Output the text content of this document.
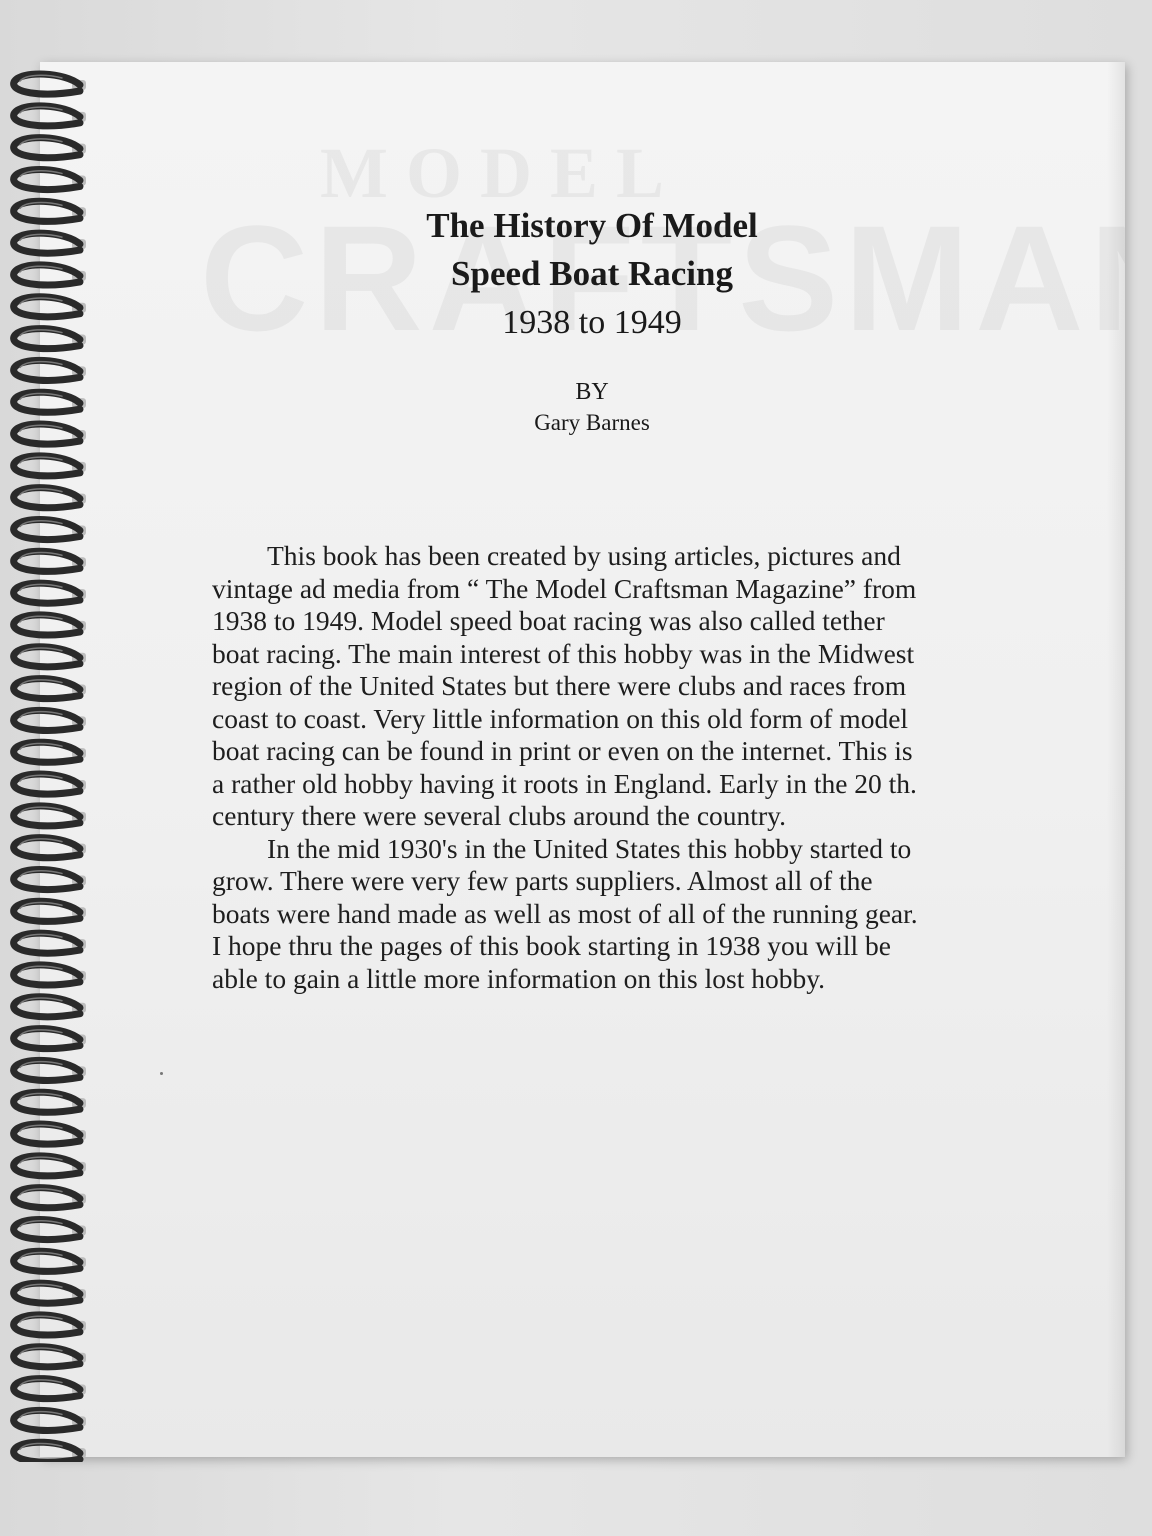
The History Of Model
Speed Boat Racing
1938 to 1949
BY
Gary Barnes
  This book has been created by using articles, pictures and
vintage ad media from “ The Model Craftsman Magazine” from
1938 to 1949. Model speed boat racing was also called tether
boat racing. The main interest of this hobby was in the Midwest
region of the United States but there were clubs and races from
coast to coast. Very little information on this old form of model
boat racing can be found in print or even on the internet. This is
a rather old hobby having it roots in England. Early in the 20 th.
century there were several clubs around the country.
  In the mid 1930's in the United States this hobby started to
grow. There were very few parts suppliers. Almost all of the
boats were hand made as well as most of all of the running gear.
I hope thru the pages of this book starting in 1938 you will be
able to gain a little more information on this lost hobby.
